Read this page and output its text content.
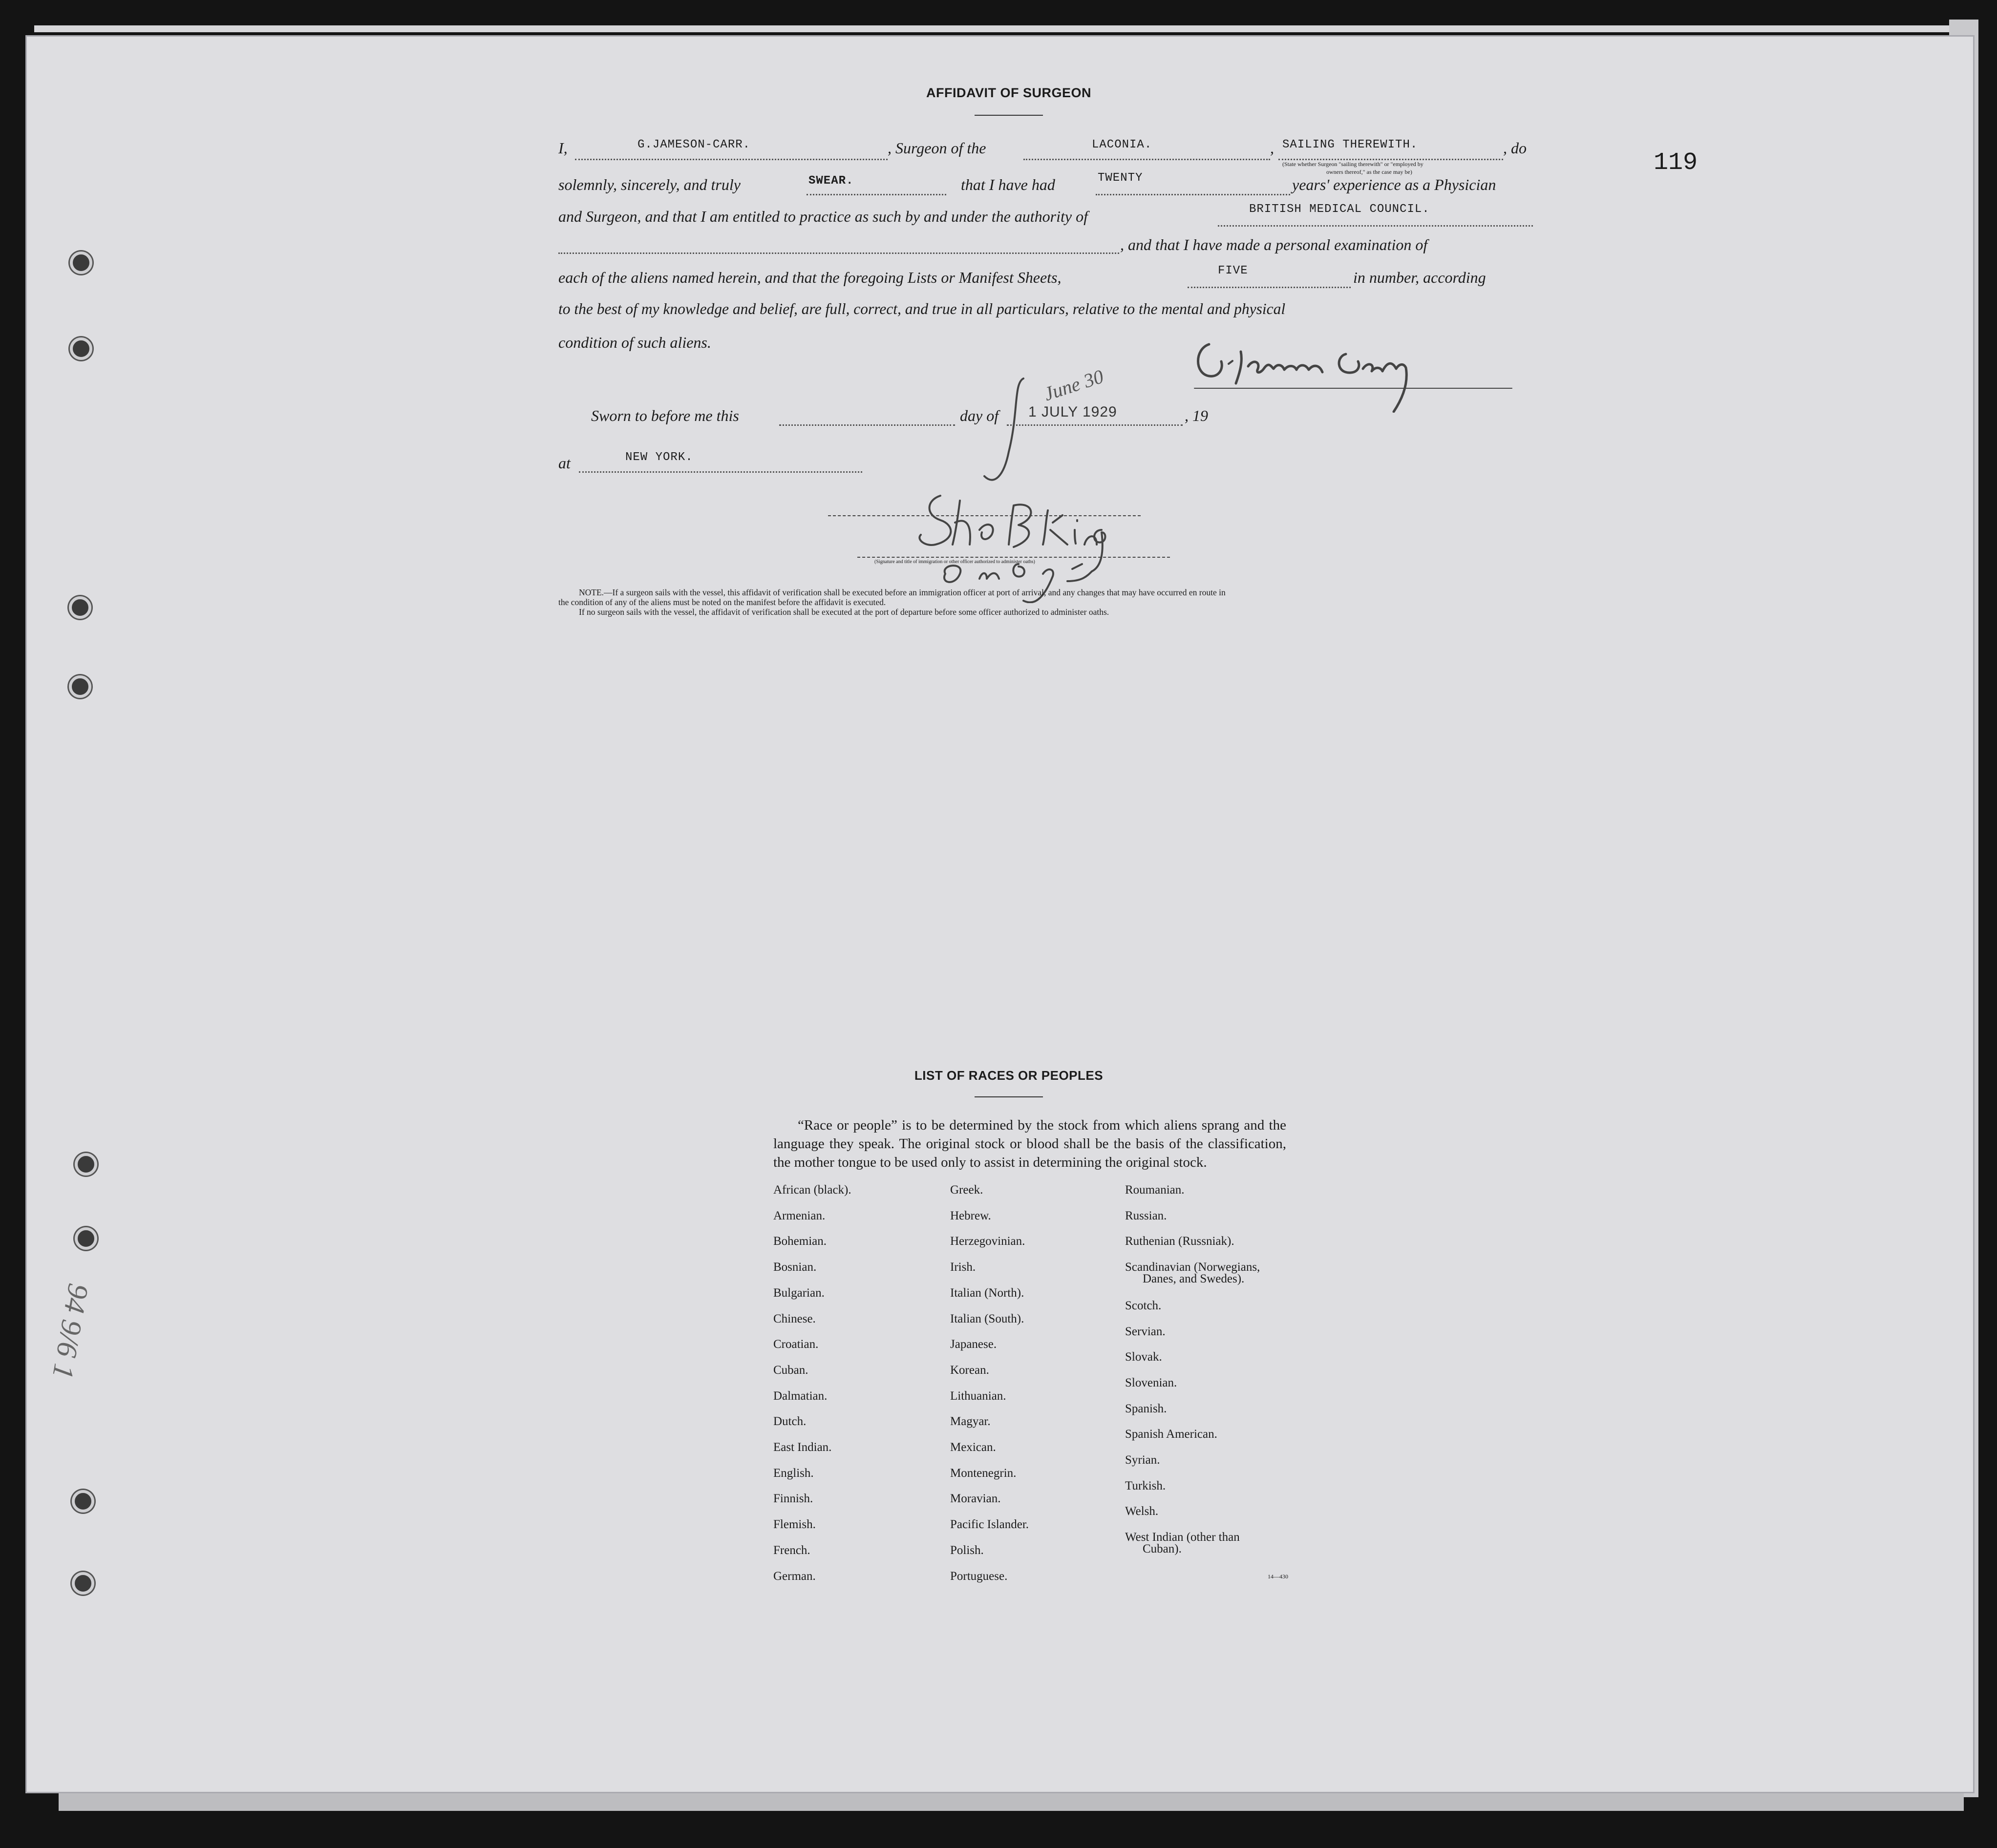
119
AFFIDAVIT OF SURGEON
I,	G.JAMESON-CARR.	, Surgeon of the	LACONIA.	, SAILING THEREWITH.	, do
(State whether Surgeon "sailing therewith" or "employed by
owners thereof," as the case may be)
solemnly, sincerely, and truly	SWEAR.	that I have had	TWENTY	years' experience as a Physician
and Surgeon, and that I am entitled to practice as such by and under the authority of	BRITISH MEDICAL COUNCIL.
, and that I have made a personal examination of
each of the aliens named herein, and that the foregoing Lists or Manifest Sheets,	FIVE	in number, according
to the best of my knowledge and belief, are full, correct, and true in all particulars, relative to the mental and physical
condition of such aliens.
Sworn to before me this	day of 1 JULY 1929
June 30
, 19
at	NEW YORK.
(Signature and title of immigration or other officer authorized to administer oaths)
NOTE.—If a surgeon sails with the vessel, this affidavit of verification shall be executed before an immigration officer at port of arrival, and any changes that may have occurred en route in
the condition of any of the aliens must be noted on the manifest before the affidavit is executed.
If no surgeon sails with the vessel, the affidavit of verification shall be executed at the port of departure before some officer authorized to administer oaths.
LIST OF RACES OR PEOPLES
“Race or people” is to be determined by the stock from which aliens sprang and the language they speak. The original stock or blood shall be the basis of the classification, the mother tongue to be used only to assist in determining the original stock.
African (black).
Armenian.
Bohemian.
Bosnian.
Bulgarian.
Chinese.
Croatian.
Cuban.
Dalmatian.
Dutch.
East Indian.
English.
Finnish.
Flemish.
French.
German.
Greek.
Hebrew.
Herzegovinian.
Irish.
Italian (North).
Italian (South).
Japanese.
Korean.
Lithuanian.
Magyar.
Mexican.
Montenegrin.
Moravian.
Pacific Islander.
Polish.
Portuguese.
Roumanian.
Russian.
Ruthenian (Russniak).
Scandinavian (Norwegians,
Danes, and Swedes).
Scotch.
Servian.
Slovak.
Slovenian.
Spanish.
Spanish American.
Syrian.
Turkish.
Welsh.
West Indian (other than
Cuban).
14—430
94 9/6 1
